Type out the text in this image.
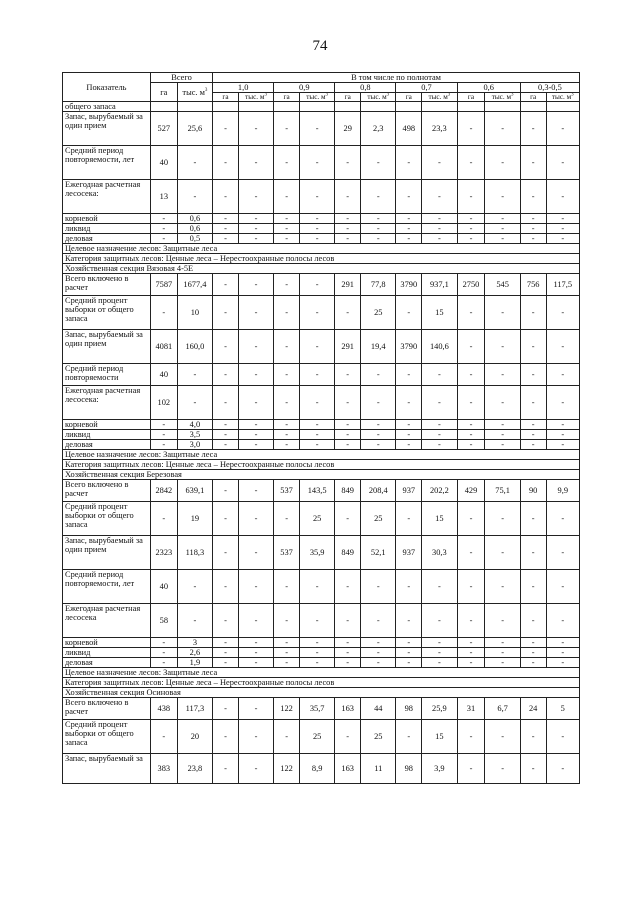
74
Показатель	Всего		В том числе по полнотам											
	га	тыс. $м^3$	1,0		0,9		0,8		0,7		0,6		0,3-0,5	
			га	тыс. $м^3$	га	тыс. $м^3$	га	тыс. $м^3$	га	тыс. $м^3$	га	тыс. $м^3$	га	тыс. $м^3$
общего запаса														
Запас, вырубаемый за один прием	527	25,6	-	-	-	-	29	2,3	498	23,3	-	-	-	-
Средний период повторяемости, лет	40	-	-	-	-	-	-	-	-	-	-	-	-	-
Ежегодная расчетная лесосека:	13	-	-	-	-	-	-	-	-	-	-	-	-	-
корневой	-	0,6	-	-	-	-	-	-	-	-	-	-	-	-
ликвид	-	0,6	-	-	-	-	-	-	-	-	-	-	-	-
деловая	-	0,5	-	-	-	-	-	-	-	-	-	-	-	-
Целевое назначение лесов: Защитные леса														
Категория защитных лесов: Ценные леса – Нерестоохранные полосы лесов														
Хозяйственная секция Вязовая 4-5Е														
Всего включено в расчет	7587	1677,4	-	-	-	-	291	77,8	3790	937,1	2750	545	756	117,5
Средний процент выборки от общего запаса	-	10	-	-	-	-	-	25	-	15	-	-	-	-
Запас, вырубаемый за один прием	4081	160,0	-	-	-	-	291	19,4	3790	140,6	-	-	-	-
Средний период повторяемости	40	-	-	-	-	-	-	-	-	-	-	-	-	-
Ежегодная расчетная лесосека:	102	-	-	-	-	-	-	-	-	-	-	-	-	-
корневой	-	4,0	-	-	-	-	-	-	-	-	-	-	-	-
ликвид	-	3,5	-	-	-	-	-	-	-	-	-	-	-	-
деловая	-	3,0	-	-	-	-	-	-	-	-	-	-	-	-
Целевое назначение лесов: Защитные леса														
Категория защитных лесов: Ценные леса – Нерестоохранные полосы лесов														
Хозяйственная секция Березовая														
Всего включено в расчет	2842	639,1	-	-	537	143,5	849	208,4	937	202,2	429	75,1	90	9,9
Средний процент выборки от общего запаса	-	19	-	-	-	25	-	25	-	15	-	-	-	-
Запас, вырубаемый за один прием	2323	118,3	-	-	537	35,9	849	52,1	937	30,3	-	-	-	-
Средний период повторяемости, лет	40	-	-	-	-	-	-	-	-	-	-	-	-	-
Ежегодная расчетная лесосека	58	-	-	-	-	-	-	-	-	-	-	-	-	-
корневой	-	3	-	-	-	-	-	-	-	-	-	-	-	-
ликвид	-	2,6	-	-	-	-	-	-	-	-	-	-	-	-
деловая	-	1,9	-	-	-	-	-	-	-	-	-	-	-	-
Целевое назначение лесов: Защитные леса														
Категория защитных лесов: Ценные леса – Нерестоохранные полосы лесов														
Хозяйственная секция Осиновая														
Всего включено в расчет	438	117,3	-	-	122	35,7	163	44	98	25,9	31	6,7	24	5
Средний процент выборки от общего запаса	-	20	-	-	-	25	-	25	-	15	-	-	-	-
Запас, вырубаемый за	383	23,8	-	-	122	8,9	163	11	98	3,9	-	-	-	-
